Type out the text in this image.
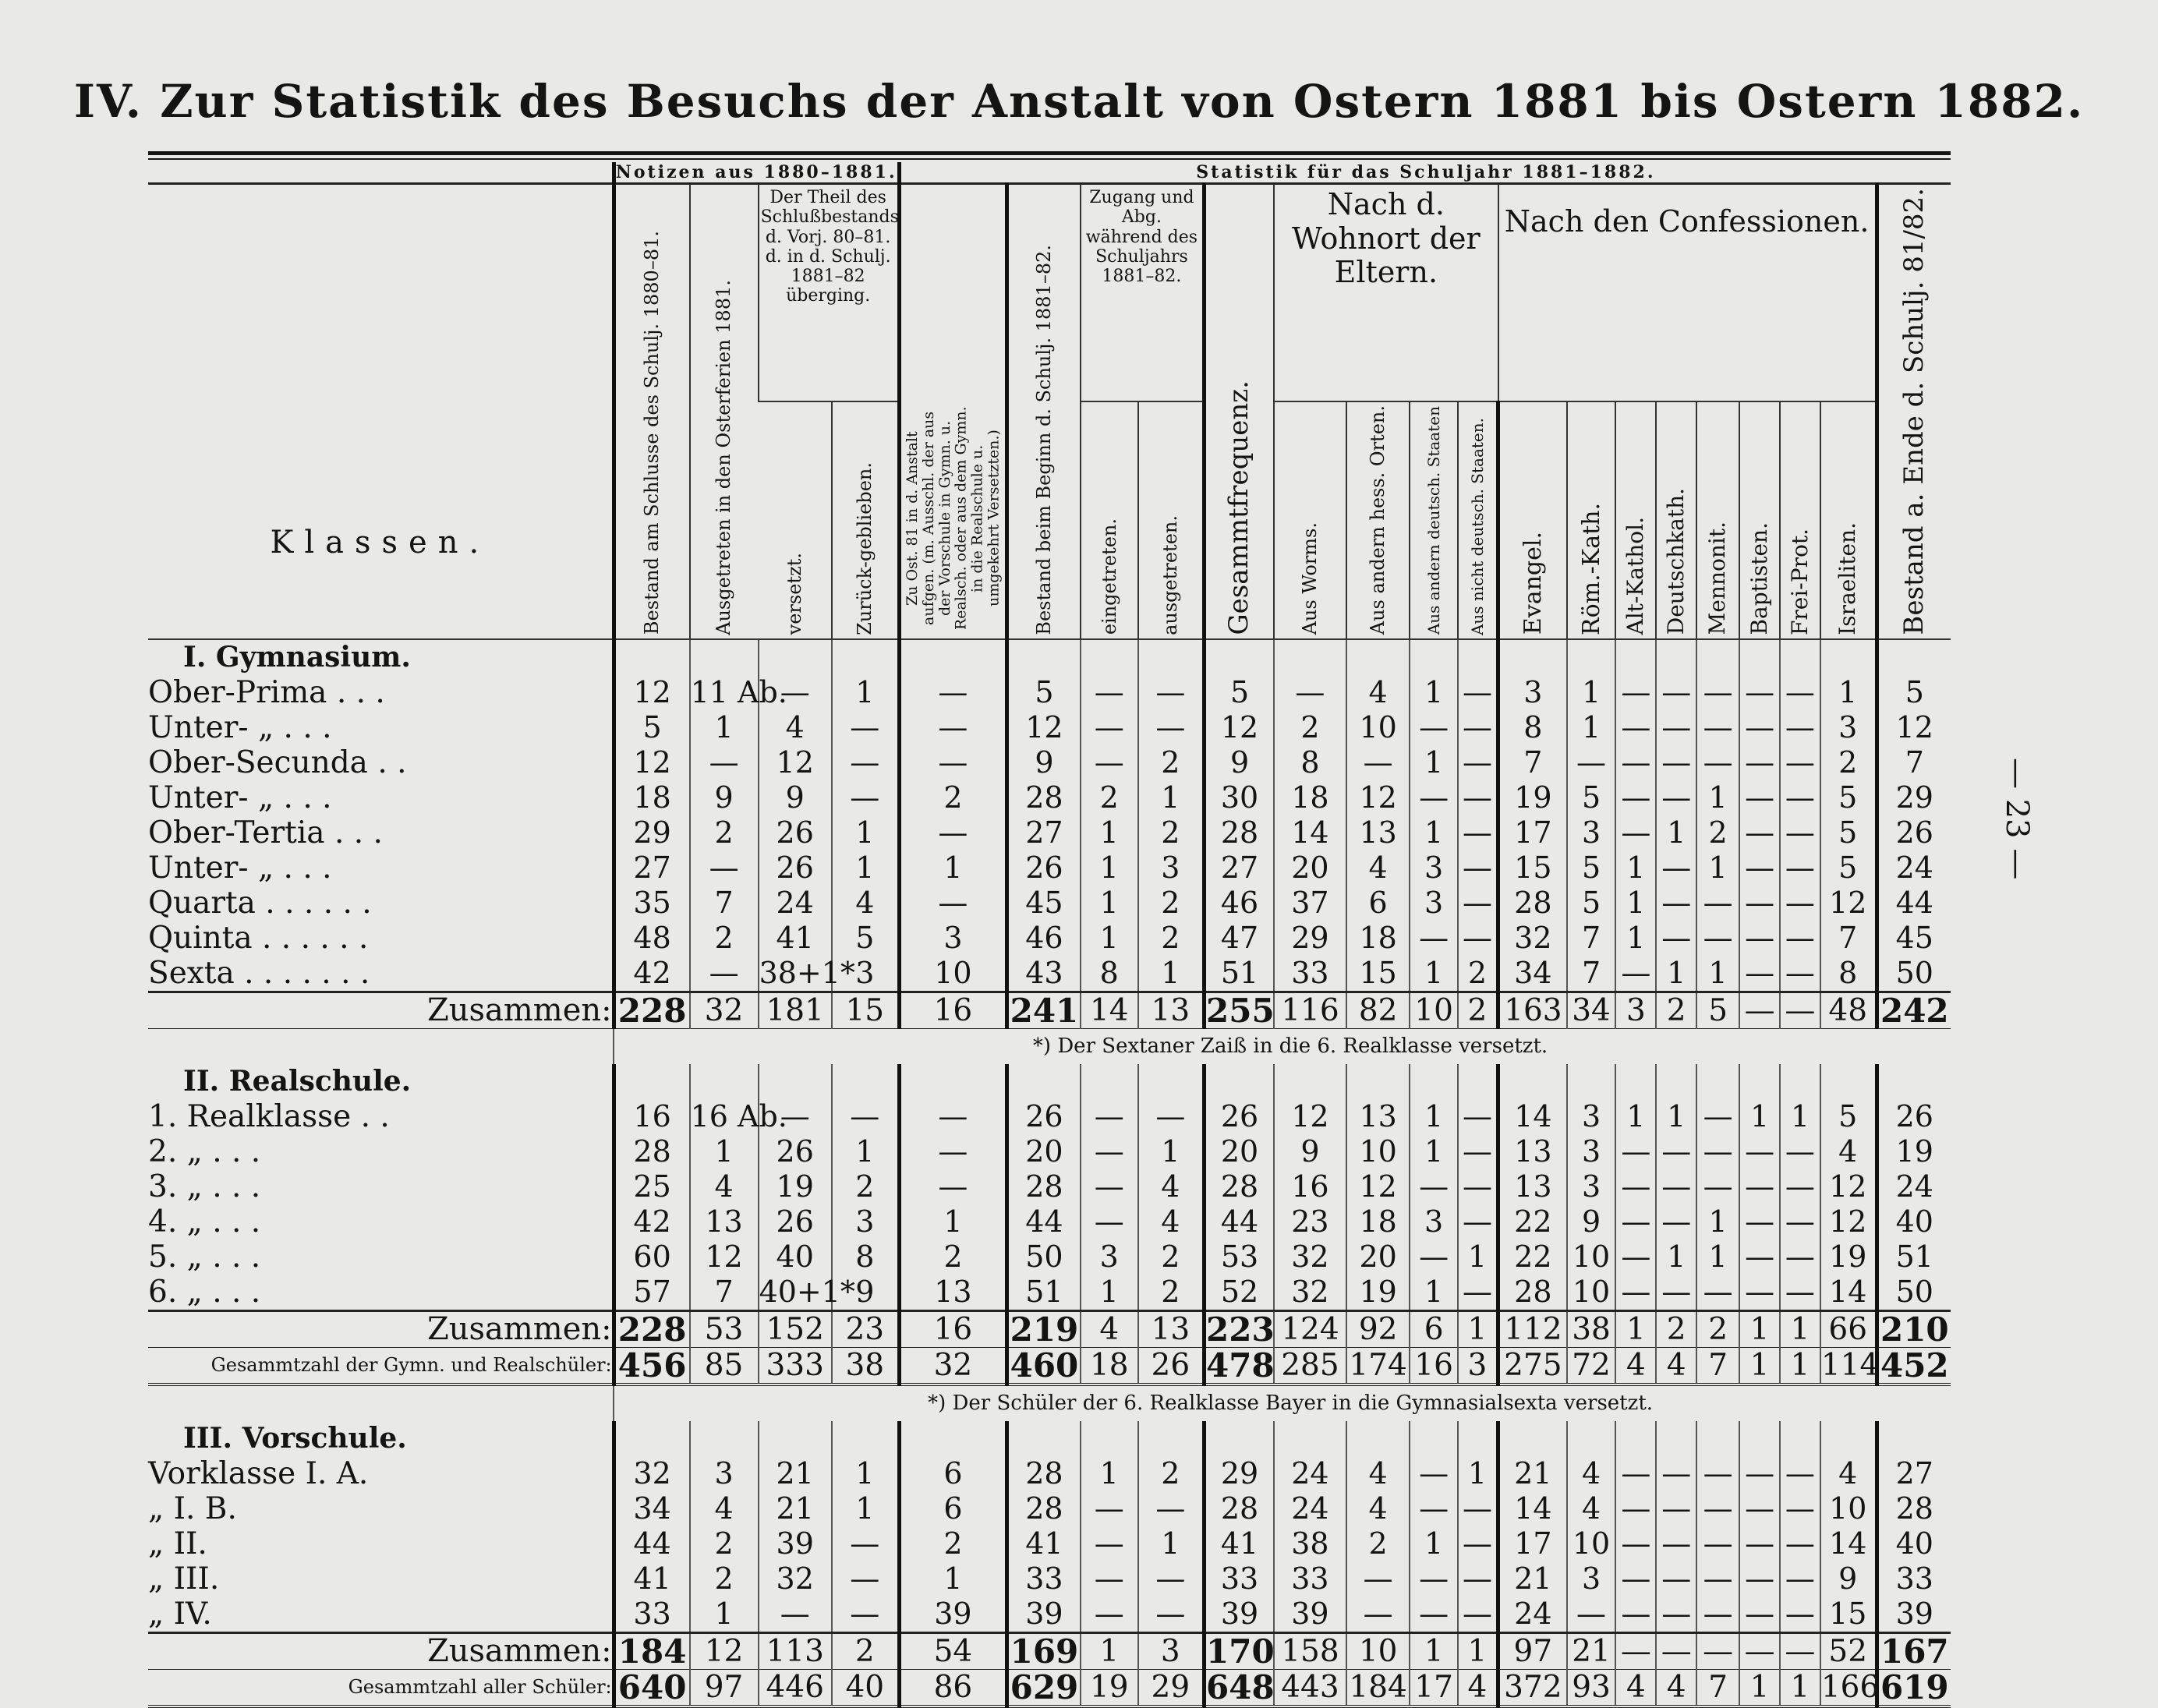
IV. Zur Statistik des Besuchs der Anstalt von Ostern 1881 bis Ostern 1882.
— 23 —
	Notizen aus 1880–1881.				Statistik für das Schuljahr 1881–1882.																	

Klassen.	Bestand am Schlusse des Schulj. 1880–81.	Ausgetreten in den Osterferien 1881.	Der Theil des Schlußbestands d. Vorj. 80–81. d. in d. Schulj. 1881–82 überging.		Zu Ost. 81 in d. Anstalt aufgen. (m. Ausschl. der aus der Vorschule in Gymn. u. Realsch. oder aus dem Gymn. in die Realschule u. umgekehrt Versetzten.)	Bestand beim Beginn d. Schulj. 1881–82.	Zugang und Abg. während des Schuljahrs 1881–82.		Gesammtfrequenz.	Nach d. Wohnort der Eltern.				Nach den Confessionen.								Bestand a. Ende d. Schulj. 81/82.

			versetzt.	Zurück-geblieben.			eingetreten.	ausgetreten.		Aus Worms.	Aus andern hess. Orten.	Aus andern deutsch. Staaten	Aus nicht deutsch. Staaten.	Evangel.	Röm.-Kath.	Alt-Kathol.	Deutschkath.	Mennonit.	Baptisten.	Frei-Prot.	Israeliten.	

I. Gymnasium.																						
Ober-Prima . . .	12	11 Ab.	—	1	—	5	—	—	5	—	4	1	—	3	1	—	—	—	—	—	1	5
Unter- „ . . .	5	1	4	—	—	12	—	—	12	2	10	—	—	8	1	—	—	—	—	—	3	12
Ober-Secunda . .	12	—	12	—	—	9	—	2	9	8	—	1	—	7	—	—	—	—	—	—	2	7
Unter- „ . . .	18	9	9	—	2	28	2	1	30	18	12	—	—	19	5	—	—	1	—	—	5	29
Ober-Tertia . . .	29	2	26	1	—	27	1	2	28	14	13	1	—	17	3	—	1	2	—	—	5	26
Unter- „ . . .	27	—	26	1	1	26	1	3	27	20	4	3	—	15	5	1	—	1	—	—	5	24
Quarta . . . . . .	35	7	24	4	—	45	1	2	46	37	6	3	—	28	5	1	—	—	—	—	12	44
Quinta . . . . . .	48	2	41	5	3	46	1	2	47	29	18	—	—	32	7	1	—	—	—	—	7	45
Sexta . . . . . . .	42	—	38+1*	3	10	43	8	1	51	33	15	1	2	34	7	—	1	1	—	—	8	50
Zusammen:	228	32	181	15	16	241	14	13	255	116	82	10	2	163	34	3	2	5	—	—	48	242
	*) Der Sextaner Zaiß in die 6. Realklasse versetzt.																					
II. Realschule.																						
1. Realklasse . .	16	16 Ab.	—	—	—	26	—	—	26	12	13	1	—	14	3	1	1	—	1	1	5	26
2. „ . . .	28	1	26	1	—	20	—	1	20	9	10	1	—	13	3	—	—	—	—	—	4	19
3. „ . . .	25	4	19	2	—	28	—	4	28	16	12	—	—	13	3	—	—	—	—	—	12	24
4. „ . . .	42	13	26	3	1	44	—	4	44	23	18	3	—	22	9	—	—	1	—	—	12	40
5. „ . . .	60	12	40	8	2	50	3	2	53	32	20	—	1	22	10	—	1	1	—	—	19	51
6. „ . . .	57	7	40+1*	9	13	51	1	2	52	32	19	1	—	28	10	—	—	—	—	—	14	50
Zusammen:	228	53	152	23	16	219	4	13	223	124	92	6	1	112	38	1	2	2	1	1	66	210
Gesammtzahl der Gymn. und Realschüler:	456	85	333	38	32	460	18	26	478	285	174	16	3	275	72	4	4	7	1	1	114	452
	*) Der Schüler der 6. Realklasse Bayer in die Gymnasialsexta versetzt.																					
III. Vorschule.																						
Vorklasse I. A.	32	3	21	1	6	28	1	2	29	24	4	—	1	21	4	—	—	—	—	—	4	27
„ I. B.	34	4	21	1	6	28	—	—	28	24	4	—	—	14	4	—	—	—	—	—	10	28
„ II.	44	2	39	—	2	41	—	1	41	38	2	1	—	17	10	—	—	—	—	—	14	40
„ III.	41	2	32	—	1	33	—	—	33	33	—	—	—	21	3	—	—	—	—	—	9	33
„ IV.	33	1	—	—	39	39	—	—	39	39	—	—	—	24	—	—	—	—	—	—	15	39
Zusammen:	184	12	113	2	54	169	1	3	170	158	10	1	1	97	21	—	—	—	—	—	52	167
Gesammtzahl aller Schüler:	640	97	446	40	86	629	19	29	648	443	184	17	4	372	93	4	4	7	1	1	166	619
